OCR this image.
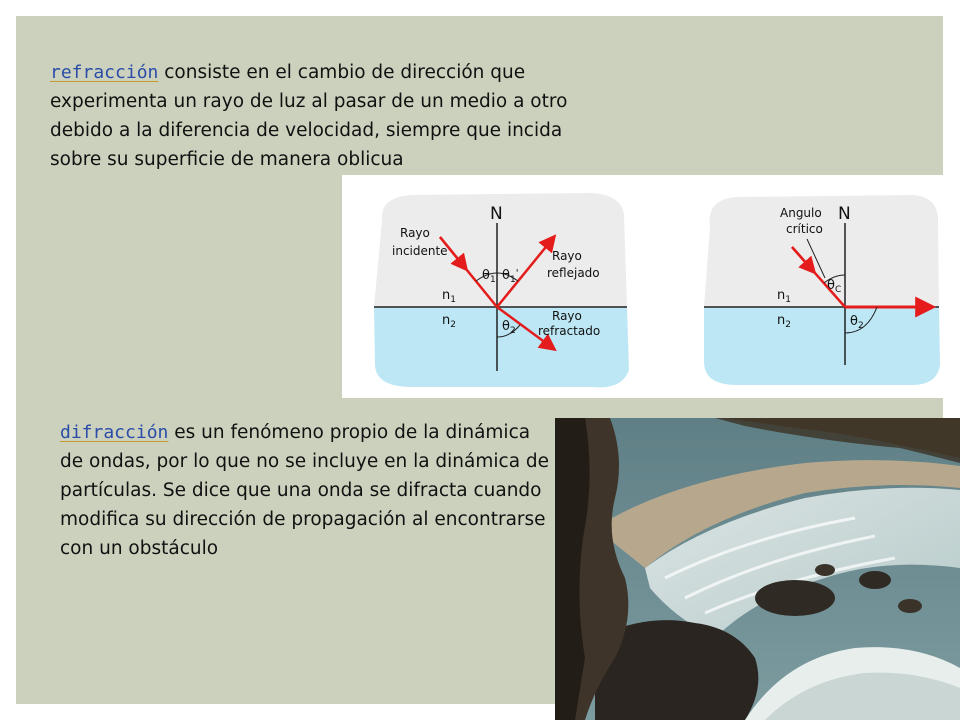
refracción consiste en el cambio de dirección que experimenta un rayo de luz al pasar de un medio a otro debido a la diferencia de velocidad, siempre que incida sobre su superficie de manera oblicua

N
Rayo
incidente	Rayo
reflejado
Rayo
refractado
$\theta_1$ $\theta_1'$
$\theta_2$
$n_1$
$n_2$
N
Angulo
crítico
$\theta_C$
$\theta_2$
$n_1$
$n_2$

difracción es un fenómeno propio de la dinámica de ondas, por lo que no se incluye en la dinámica de partículas. Se dice que una onda se difracta cuando modifica su dirección de propagación al encontrarse con un obstáculo
